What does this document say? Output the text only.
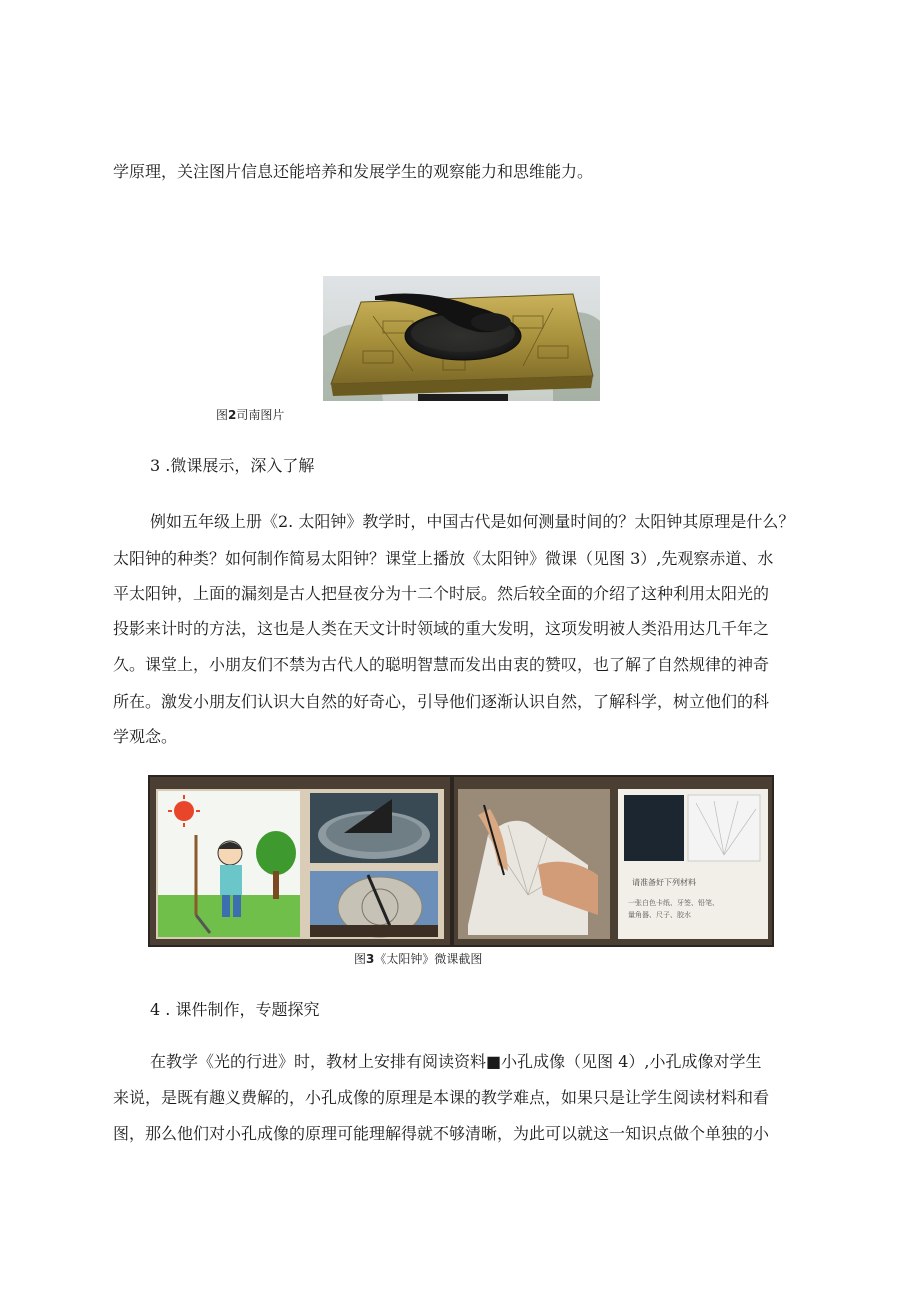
学原理，关注图片信息还能培养和发展学生的观察能力和思维能力。
图2司南图片
3 .微课展示，深入了解
例如五年级上册《2. 太阳钟》教学时，中国古代是如何测量时间的？太阳钟其原理是什么？
太阳钟的种类？如何制作简易太阳钟？课堂上播放《太阳钟》微课（见图 3）,先观察赤道、水
平太阳钟，上面的漏刻是古人把昼夜分为十二个时辰。然后较全面的介绍了这种利用太阳光的
投影来计时的方法，这也是人类在天文计时领域的重大发明，这项发明被人类沿用达几千年之
久。课堂上，小朋友们不禁为古代人的聪明智慧而发出由衷的赞叹，也了解了自然规律的神奇
所在。激发小朋友们认识大自然的好奇心，引导他们逐渐认识自然，了解科学，树立他们的科
学观念。
请准备好下列材料
一张白色卡纸、牙签、铅笔、
量角器、尺子、胶水
图3《太阳钟》微课截图
4 . 课件制作，专题探究
在教学《光的行进》时，教材上安排有阅读资料■小孔成像（见图 4）,小孔成像对学生
来说，是既有趣义费解的，小孔成像的原理是本课的教学难点，如果只是让学生阅读材料和看
图，那么他们对小孔成像的原理可能理解得就不够清晰，为此可以就这一知识点做个单独的小
